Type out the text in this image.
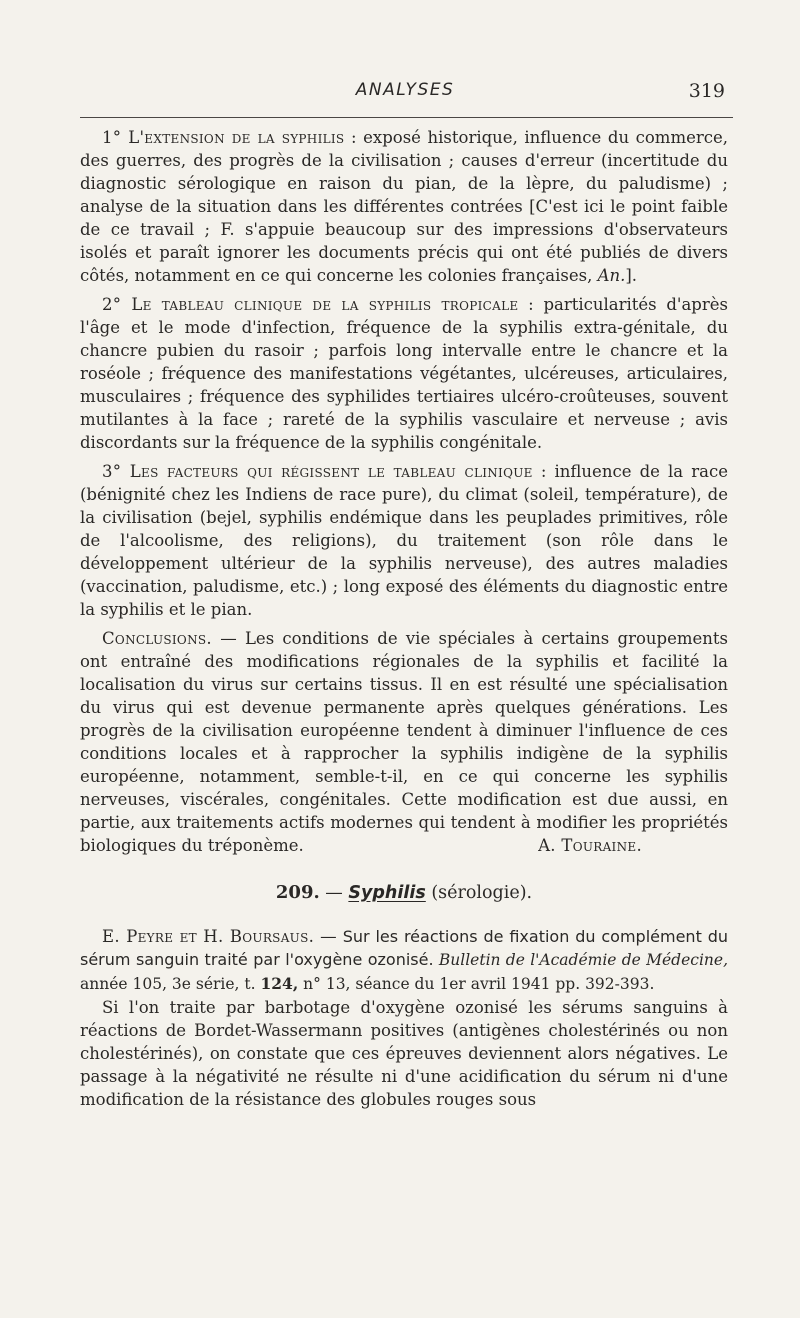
ANALYSES	319

1° L'extension de la syphilis : exposé historique, influence du commerce, des guerres, des progrès de la civilisation ; causes d'erreur (incertitude du diagnostic sérologique en raison du pian, de la lèpre, du paludisme) ; analyse de la situation dans les différentes contrées [C'est ici le point faible de ce travail ; F. s'appuie beaucoup sur des impressions d'observateurs isolés et paraît ignorer les documents précis qui ont été publiés de divers côtés, notamment en ce qui concerne les colonies françaises, An.].

2° Le tableau clinique de la syphilis tropicale : particularités d'après l'âge et le mode d'infection, fréquence de la syphilis extra-génitale, du chancre pubien du rasoir ; parfois long intervalle entre le chancre et la roséole ; fréquence des manifestations végétantes, ulcéreuses, articulaires, musculaires ; fréquence des syphilides tertiaires ulcéro-croûteuses, souvent mutilantes à la face ; rareté de la syphilis vasculaire et nerveuse ; avis discordants sur la fréquence de la syphilis congénitale.

3° Les facteurs qui régissent le tableau clinique : influence de la race (bénignité chez les Indiens de race pure), du climat (soleil, température), de la civilisation (bejel, syphilis endémique dans les peuplades primitives, rôle de l'alcoolisme, des religions), du traitement (son rôle dans le développement ultérieur de la syphilis nerveuse), des autres maladies (vaccination, paludisme, etc.) ; long exposé des éléments du diagnostic entre la syphilis et le pian.

Conclusions. — Les conditions de vie spéciales à certains groupements ont entraîné des modifications régionales de la syphilis et facilité la localisation du virus sur certains tissus. Il en est résulté une spécialisation du virus qui est devenue permanente après quelques générations. Les progrès de la civilisation européenne tendent à diminuer l'influence de ces conditions locales et à rapprocher la syphilis indigène de la syphilis européenne, notamment, semble-t-il, en ce qui concerne les syphilis nerveuses, viscérales, congénitales. Cette modification est due aussi, en partie, aux traitements actifs modernes qui tendent à modifier les propriétés biologiques du tréponème.	A. Touraine.

209. — Syphilis (sérologie).

E. Peyre et H. Boursaus. — Sur les réactions de fixation du complément du sérum sanguin traité par l'oxygène ozonisé. Bulletin de l'Académie de Médecine, année 105, 3e série, t. 124, n° 13, séance du 1er avril 1941 pp. 392-393.

Si l'on traite par barbotage d'oxygène ozonisé les sérums sanguins à réactions de Bordet-Wassermann positives (antigènes cholestérinés ou non cholestérinés), on constate que ces épreuves deviennent alors négatives. Le passage à la négativité ne résulte ni d'une acidification du sérum ni d'une modification de la résistance des globules rouges sous
